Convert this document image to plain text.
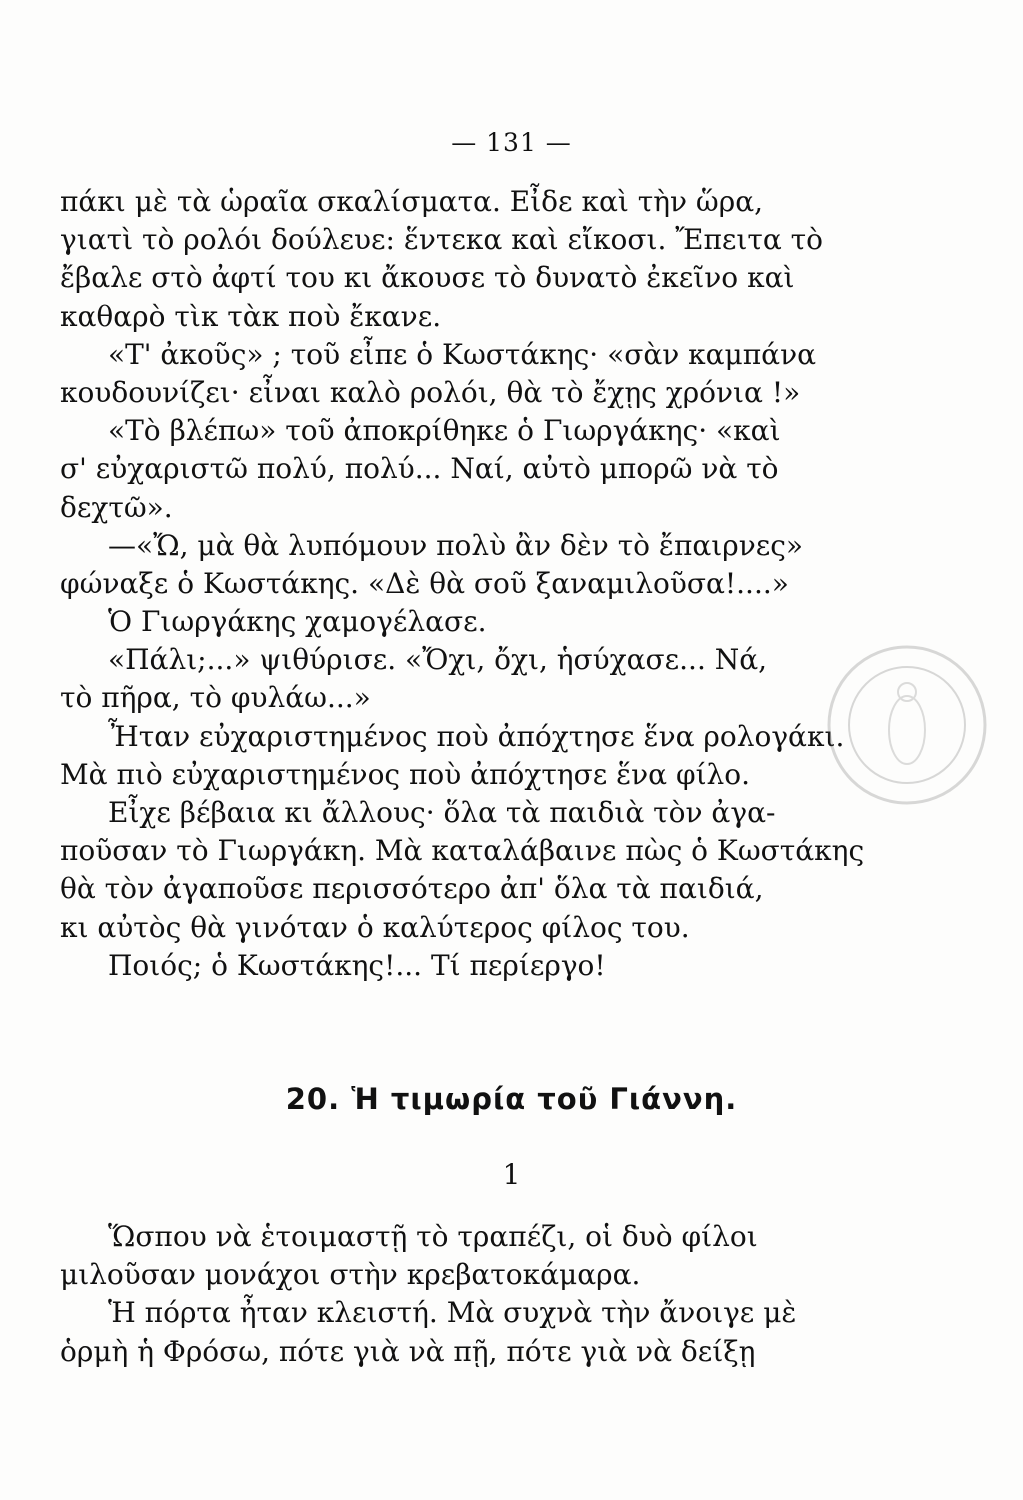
— 131 —
πάκι μὲ τὰ ὡραῖα σκαλίσματα. Εἶδε καὶ τὴν ὥρα,
γιατὶ τὸ ρολόι δούλευε: ἕντεκα καὶ εἴκοσι. Ἔπειτα τὸ
ἔβαλε στὸ ἀφτί του κι ἄκουσε τὸ δυνατὸ ἐκεῖνο καὶ
καθαρὸ τὶκ τὰκ ποὺ ἔκανε.
«Τ' ἀκοῦς» ; τοῦ εἶπε ὁ Κωστάκης· «σὰν καμπάνα
κουδουνίζει· εἶναι καλὸ ρολόι, θὰ τὸ ἔχῃς χρόνια !»
«Τὸ βλέπω» τοῦ ἀποκρίθηκε ὁ Γιωργάκης· «καὶ
σ' εὐχαριστῶ πολύ, πολύ... Ναί, αὐτὸ μπορῶ νὰ τὸ
δεχτῶ».
—«Ὤ, μὰ θὰ λυπόμουν πολὺ ἂν δὲν τὸ ἔπαιρνες»
φώναξε ὁ Κωστάκης. «Δὲ θὰ σοῦ ξαναμιλοῦσα!....»
Ὁ Γιωργάκης χαμογέλασε.
«Πάλι;...» ψιθύρισε. «Ὄχι, ὄχι, ἡσύχασε... Νά,
τὸ πῆρα, τὸ φυλάω...»
Ἦταν εὐχαριστημένος ποὺ ἀπόχτησε ἕνα ρολογάκι.
Μὰ πιὸ εὐχαριστημένος ποὺ ἀπόχτησε ἕνα φίλο.
Εἶχε βέβαια κι ἄλλους· ὅλα τὰ παιδιὰ τὸν ἀγα-
ποῦσαν τὸ Γιωργάκη. Μὰ καταλάβαινε πὼς ὁ Κωστάκης
θὰ τὸν ἀγαποῦσε περισσότερο ἀπ' ὅλα τὰ παιδιά,
κι αὐτὸς θὰ γινόταν ὁ καλύτερος φίλος του.
Ποιός; ὁ Κωστάκης!... Τί περίεργο!
20. Ἡ τιμωρία τοῦ Γιάννη.
1
Ὥσπου νὰ ἑτοιμαστῇ τὸ τραπέζι, οἱ δυὸ φίλοι
μιλοῦσαν μονάχοι στὴν κρεβατοκάμαρα.
Ἡ πόρτα ἦταν κλειστή. Μὰ συχνὰ τὴν ἄνοιγε μὲ
ὁρμὴ ἡ Φρόσω, πότε γιὰ νὰ πῇ, πότε γιὰ νὰ δείξῃ
